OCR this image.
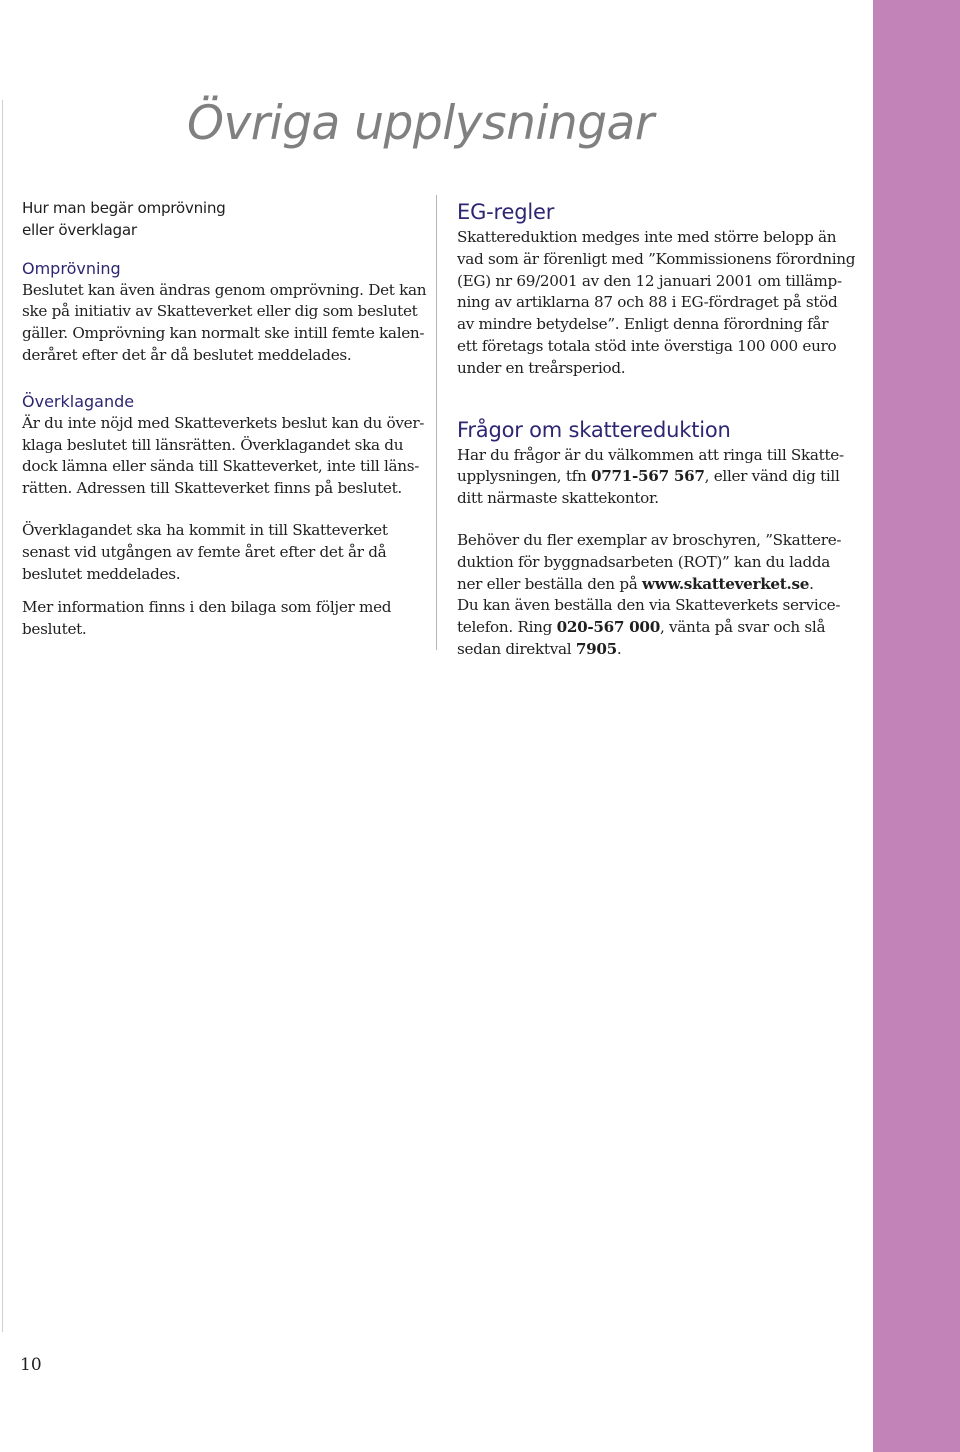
Övriga upplysningar
Hur man begär omprövning
eller överklagar
Omprövning

Beslutet kan även ändras genom omprövning. Det kan
ske på initiativ av Skatteverket eller dig som beslutet
gäller. Omprövning kan normalt ske intill femte kalen-
deråret efter det år då beslutet meddelades.

Överklagande

Är du inte nöjd med Skatteverkets beslut kan du över-
klaga beslutet till länsrätten. Överklagandet ska du
dock lämna eller sända till Skatteverket, inte till läns-
rätten. Adressen till Skatteverket finns på beslutet.

Överklagandet ska ha kommit in till Skatteverket
senast vid utgången av femte året efter det år då
beslutet meddelades.

Mer information finns i den bilaga som följer med
beslutet.

EG-regler

Skattereduktion medges inte med större belopp än
vad som är förenligt med ”Kommissionens förordning
(EG) nr 69/2001 av den 12 januari 2001 om tillämp-
ning av artiklarna 87 och 88 i EG-fördraget på stöd
av mindre betydelse”. Enligt denna förordning får
ett företags totala stöd inte överstiga 100 000 euro
under en treårsperiod.

Frågor om skattereduktion

Har du frågor är du välkommen att ringa till Skatte-
upplysningen, tfn 0771-567 567, eller vänd dig till
ditt närmaste skattekontor.

Behöver du fler exemplar av broschyren, ”Skattere-
duktion för byggnadsarbeten (ROT)” kan du ladda
ner eller beställa den på www.skatteverket.se.
Du kan även beställa den via Skatteverkets service-
telefon. Ring 020-567 000, vänta på svar och slå
sedan direktval 7905.

10
